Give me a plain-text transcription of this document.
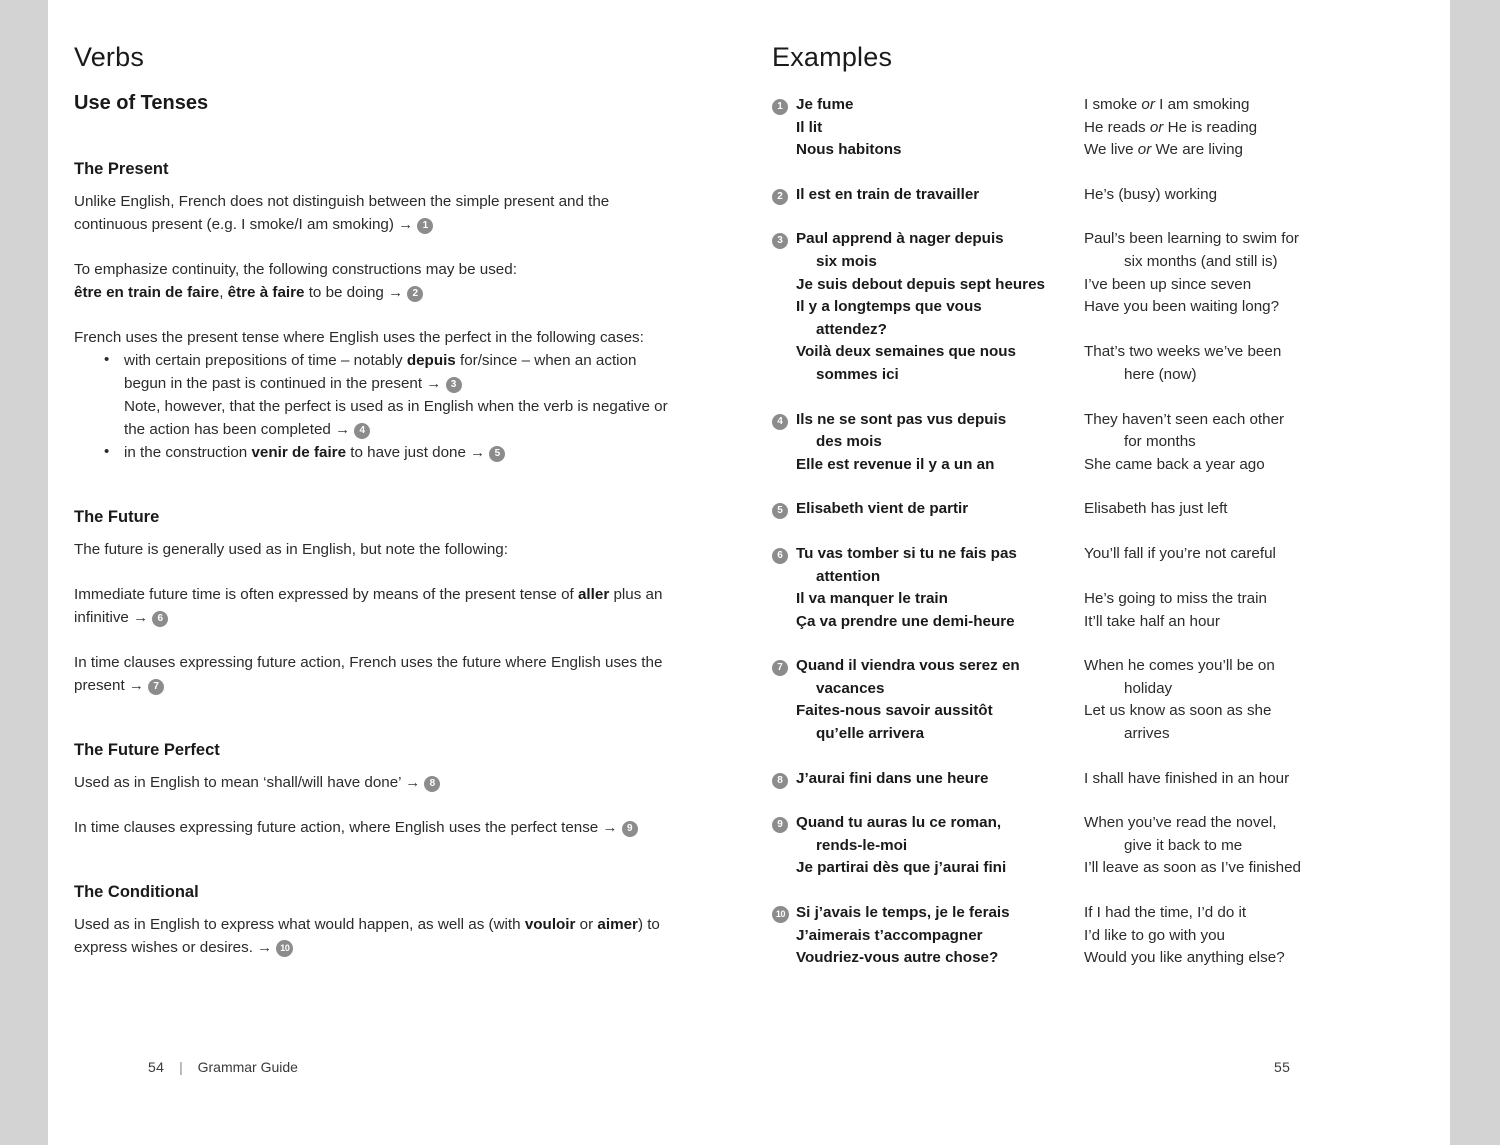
Verbs
Use of Tenses
The Present

Unlike English, French does not distinguish between the simple present and the continuous present (e.g. I smoke/I am smoking) → 1

To emphasize continuity, the following constructions may be used:

être en train de faire, être à faire to be doing → 2

French uses the present tense where English uses the perfect in the following cases:

• with certain prepositions of time – notably depuis for/since – when an action begun in the past is continued in the present → 3
Note, however, that the perfect is used as in English when the verb is negative or the action has been completed → 4
• in the construction venir de faire to have just done → 5
The Future

The future is generally used as in English, but note the following:

Immediate future time is often expressed by means of the present tense of aller plus an infinitive → 6

In time clauses expressing future action, French uses the future where English uses the present → 7

The Future Perfect

Used as in English to mean ‘shall/will have done’ → 8

In time clauses expressing future action, where English uses the perfect tense → 9

The Conditional

Used as in English to express what would happen, as well as (with vouloir or aimer) to express wishes or desires. → 10

54 | Grammar Guide
Examples
1 Je fume	I smoke or I am smoking
Il lit	He reads or He is reading
Nous habitons	We live or We are living
2 Il est en train de travailler	He’s (busy) working
3 Paul apprend à nager depuis	Paul’s been learning to swim for
six mois	six months (and still is)
Je suis debout depuis sept heures	I’ve been up since seven
Il y a longtemps que vous	Have you been waiting long?
attendez?
Voilà deux semaines que nous	That’s two weeks we’ve been
sommes ici	here (now)
4 Ils ne se sont pas vus depuis	They haven’t seen each other
des mois	for months
Elle est revenue il y a un an	She came back a year ago
5 Elisabeth vient de partir	Elisabeth has just left
6 Tu vas tomber si tu ne fais pas	You’ll fall if you’re not careful
attention
Il va manquer le train	He’s going to miss the train
Ça va prendre une demi-heure	It’ll take half an hour
7 Quand il viendra vous serez en	When he comes you’ll be on
vacances	holiday
Faites-nous savoir aussitôt	Let us know as soon as she
qu’elle arrivera	arrives
8 J’aurai fini dans une heure	I shall have finished in an hour
9 Quand tu auras lu ce roman,	When you’ve read the novel,
rends-le-moi	give it back to me
Je partirai dès que j’aurai fini	I’ll leave as soon as I’ve finished
10 Si j’avais le temps, je le ferais	If I had the time, I’d do it
J’aimerais t’accompagner	I’d like to go with you
Voudriez-vous autre chose?	Would you like anything else?
55
